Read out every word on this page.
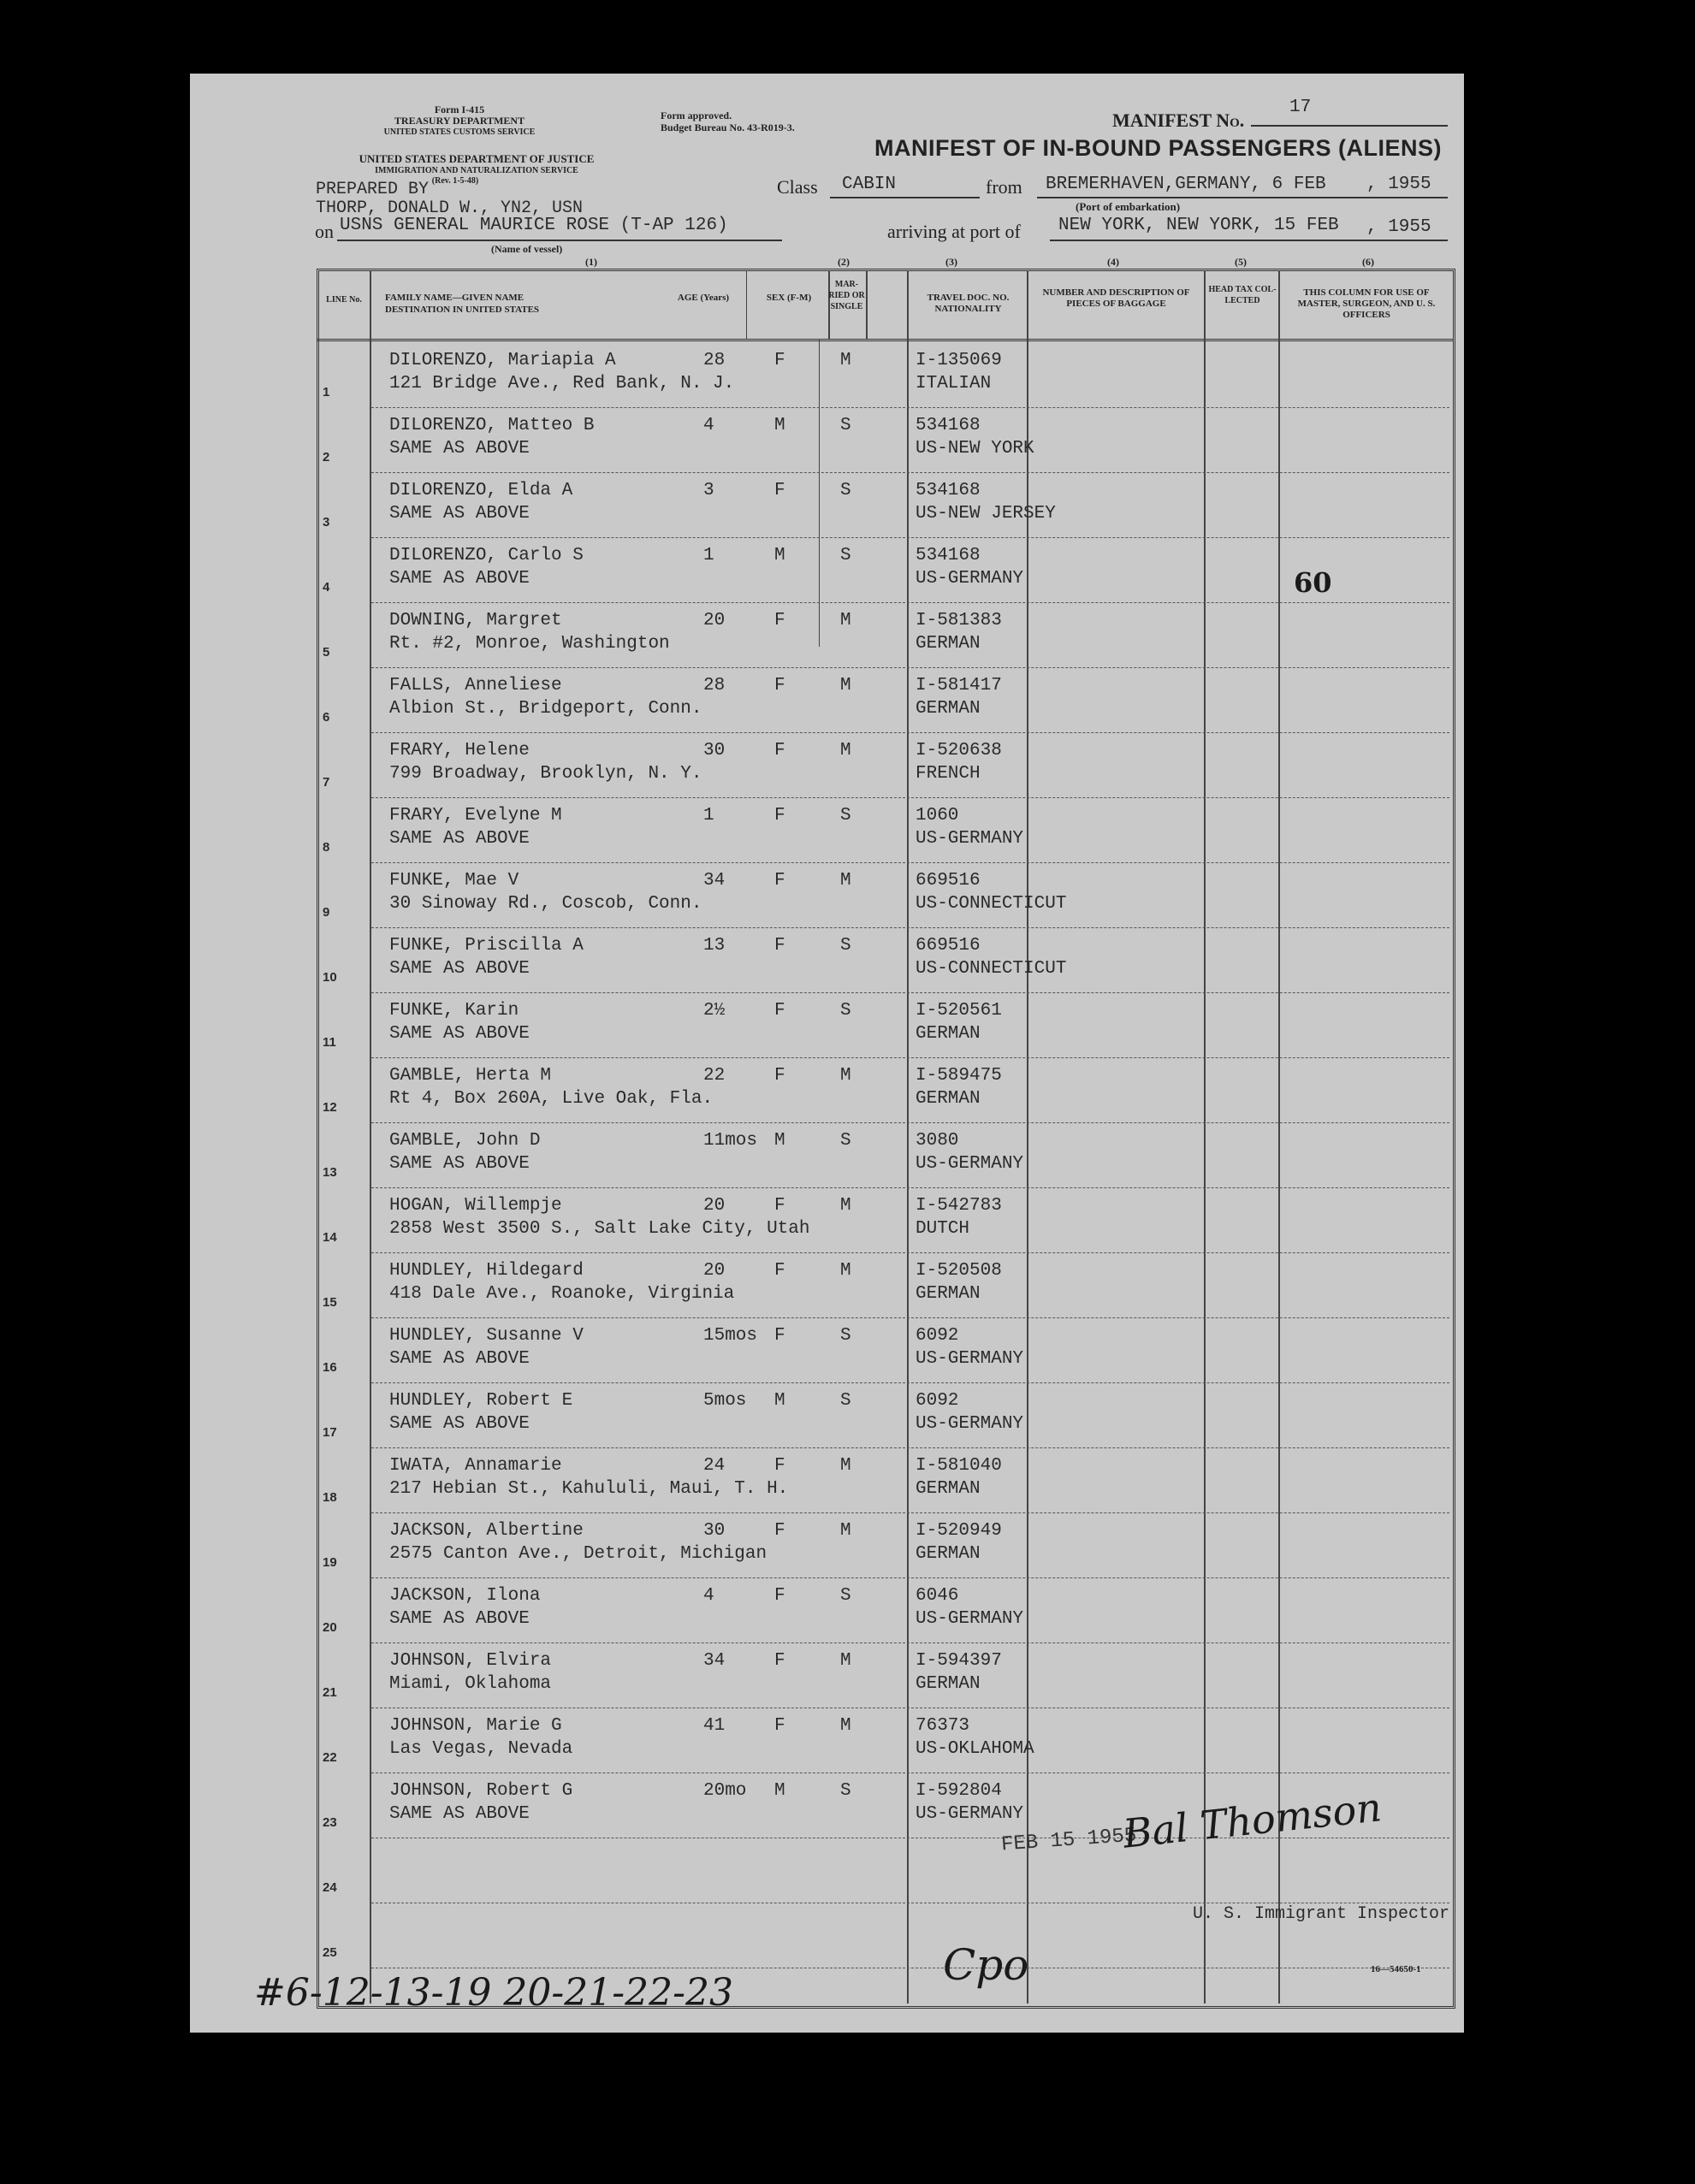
Form I-415
TREASURY DEPARTMENT
UNITED STATES CUSTOMS SERVICE
Form approved.
Budget Bureau No. 43-R019-3.	MANIFEST No.
17
MANIFEST OF IN-BOUND PASSENGERS (ALIENS)
UNITED STATES DEPARTMENT OF JUSTICE
IMMIGRATION AND NATURALIZATION SERVICE
(Rev. 1-5-48)
PREPARED BY
THORP, DONALD W., YN2, USN
Class CABIN	from BREMERHAVEN,GERMANY, 6 FEB , 1955
(Port of embarkation)
on USNS GENERAL MAURICE ROSE (T-AP 126)
(Name of vessel)
arriving at port of NEW YORK, NEW YORK, 15 FEB , 1955
(1)	(2)	(3)	(4)	(5)	(6)
LINE No.	FAMILY NAME—GIVEN NAME
DESTINATION IN UNITED STATES
AGE (Years)	SEX (F-M)
MAR- RIED OR SINGLE
TRAVEL DOC. NO. NATIONALITY
NUMBER AND DESCRIPTION OF PIECES OF BAGGAGE
HEAD TAX COL- LECTED
THIS COLUMN FOR USE OF MASTER, SURGEON, AND U. S. OFFICERS
1
DILORENZO, Mariapia A
121 Bridge Ave., Red Bank, N. J.
28	F	M	I-135069
ITALIAN
2
DILORENZO, Matteo B
SAME AS ABOVE
4	M	S	534168
US-NEW YORK
3
DILORENZO, Elda A
SAME AS ABOVE
3	F	S	534168
US-NEW JERSEY
4
DILORENZO, Carlo S
SAME AS ABOVE
1	M	S	534168
US-GERMANY
5
DOWNING, Margret
Rt. #2, Monroe, Washington
20	F	M	I-581383
GERMAN
6
FALLS, Anneliese
Albion St., Bridgeport, Conn.
28	F	M	I-581417
GERMAN
7
FRARY, Helene
799 Broadway, Brooklyn, N. Y.
30	F	M	I-520638
FRENCH
8
FRARY, Evelyne M
SAME AS ABOVE
1	F	S	1060
US-GERMANY
9
FUNKE, Mae V
30 Sinoway Rd., Coscob, Conn.
34	F	M	669516
US-CONNECTICUT
10
FUNKE, Priscilla A
SAME AS ABOVE
13	F	S	669516
US-CONNECTICUT
11
FUNKE, Karin
SAME AS ABOVE
2½	F	S	I-520561
GERMAN
12
GAMBLE, Herta M
Rt 4, Box 260A, Live Oak, Fla.
22	F	M	I-589475
GERMAN
13
GAMBLE, John D
SAME AS ABOVE
11mos M	S	3080
US-GERMANY
14
HOGAN, Willempje
2858 West 3500 S., Salt Lake City, Utah
20	F	M	I-542783
DUTCH
15
HUNDLEY, Hildegard
418 Dale Ave., Roanoke, Virginia
20	F	M	I-520508
GERMAN
16
HUNDLEY, Susanne V
SAME AS ABOVE
15mos F	S	6092
US-GERMANY
17
HUNDLEY, Robert E
SAME AS ABOVE
5mos M	S	6092
US-GERMANY
18
IWATA, Annamarie
217 Hebian St., Kahululi, Maui, T. H.
24	F	M	I-581040
GERMAN
19
JACKSON, Albertine
2575 Canton Ave., Detroit, Michigan
30	F	M	I-520949
GERMAN
20
JACKSON, Ilona
SAME AS ABOVE
4	F	S	6046
US-GERMANY
21
JOHNSON, Elvira
Miami, Oklahoma
34	F	M	I-594397
GERMAN
22
JOHNSON, Marie G
Las Vegas, Nevada
41	F	M	76373
US-OKLAHOMA
23
JOHNSON, Robert G
SAME AS ABOVE
20mo M	S	I-592804
US-GERMANY
24
25
60
FEB 15 1955
Bal Thomson
U. S. Immigrant Inspector
16—54650-1
#6-12-13-19 20-21-22-23
Cpo
